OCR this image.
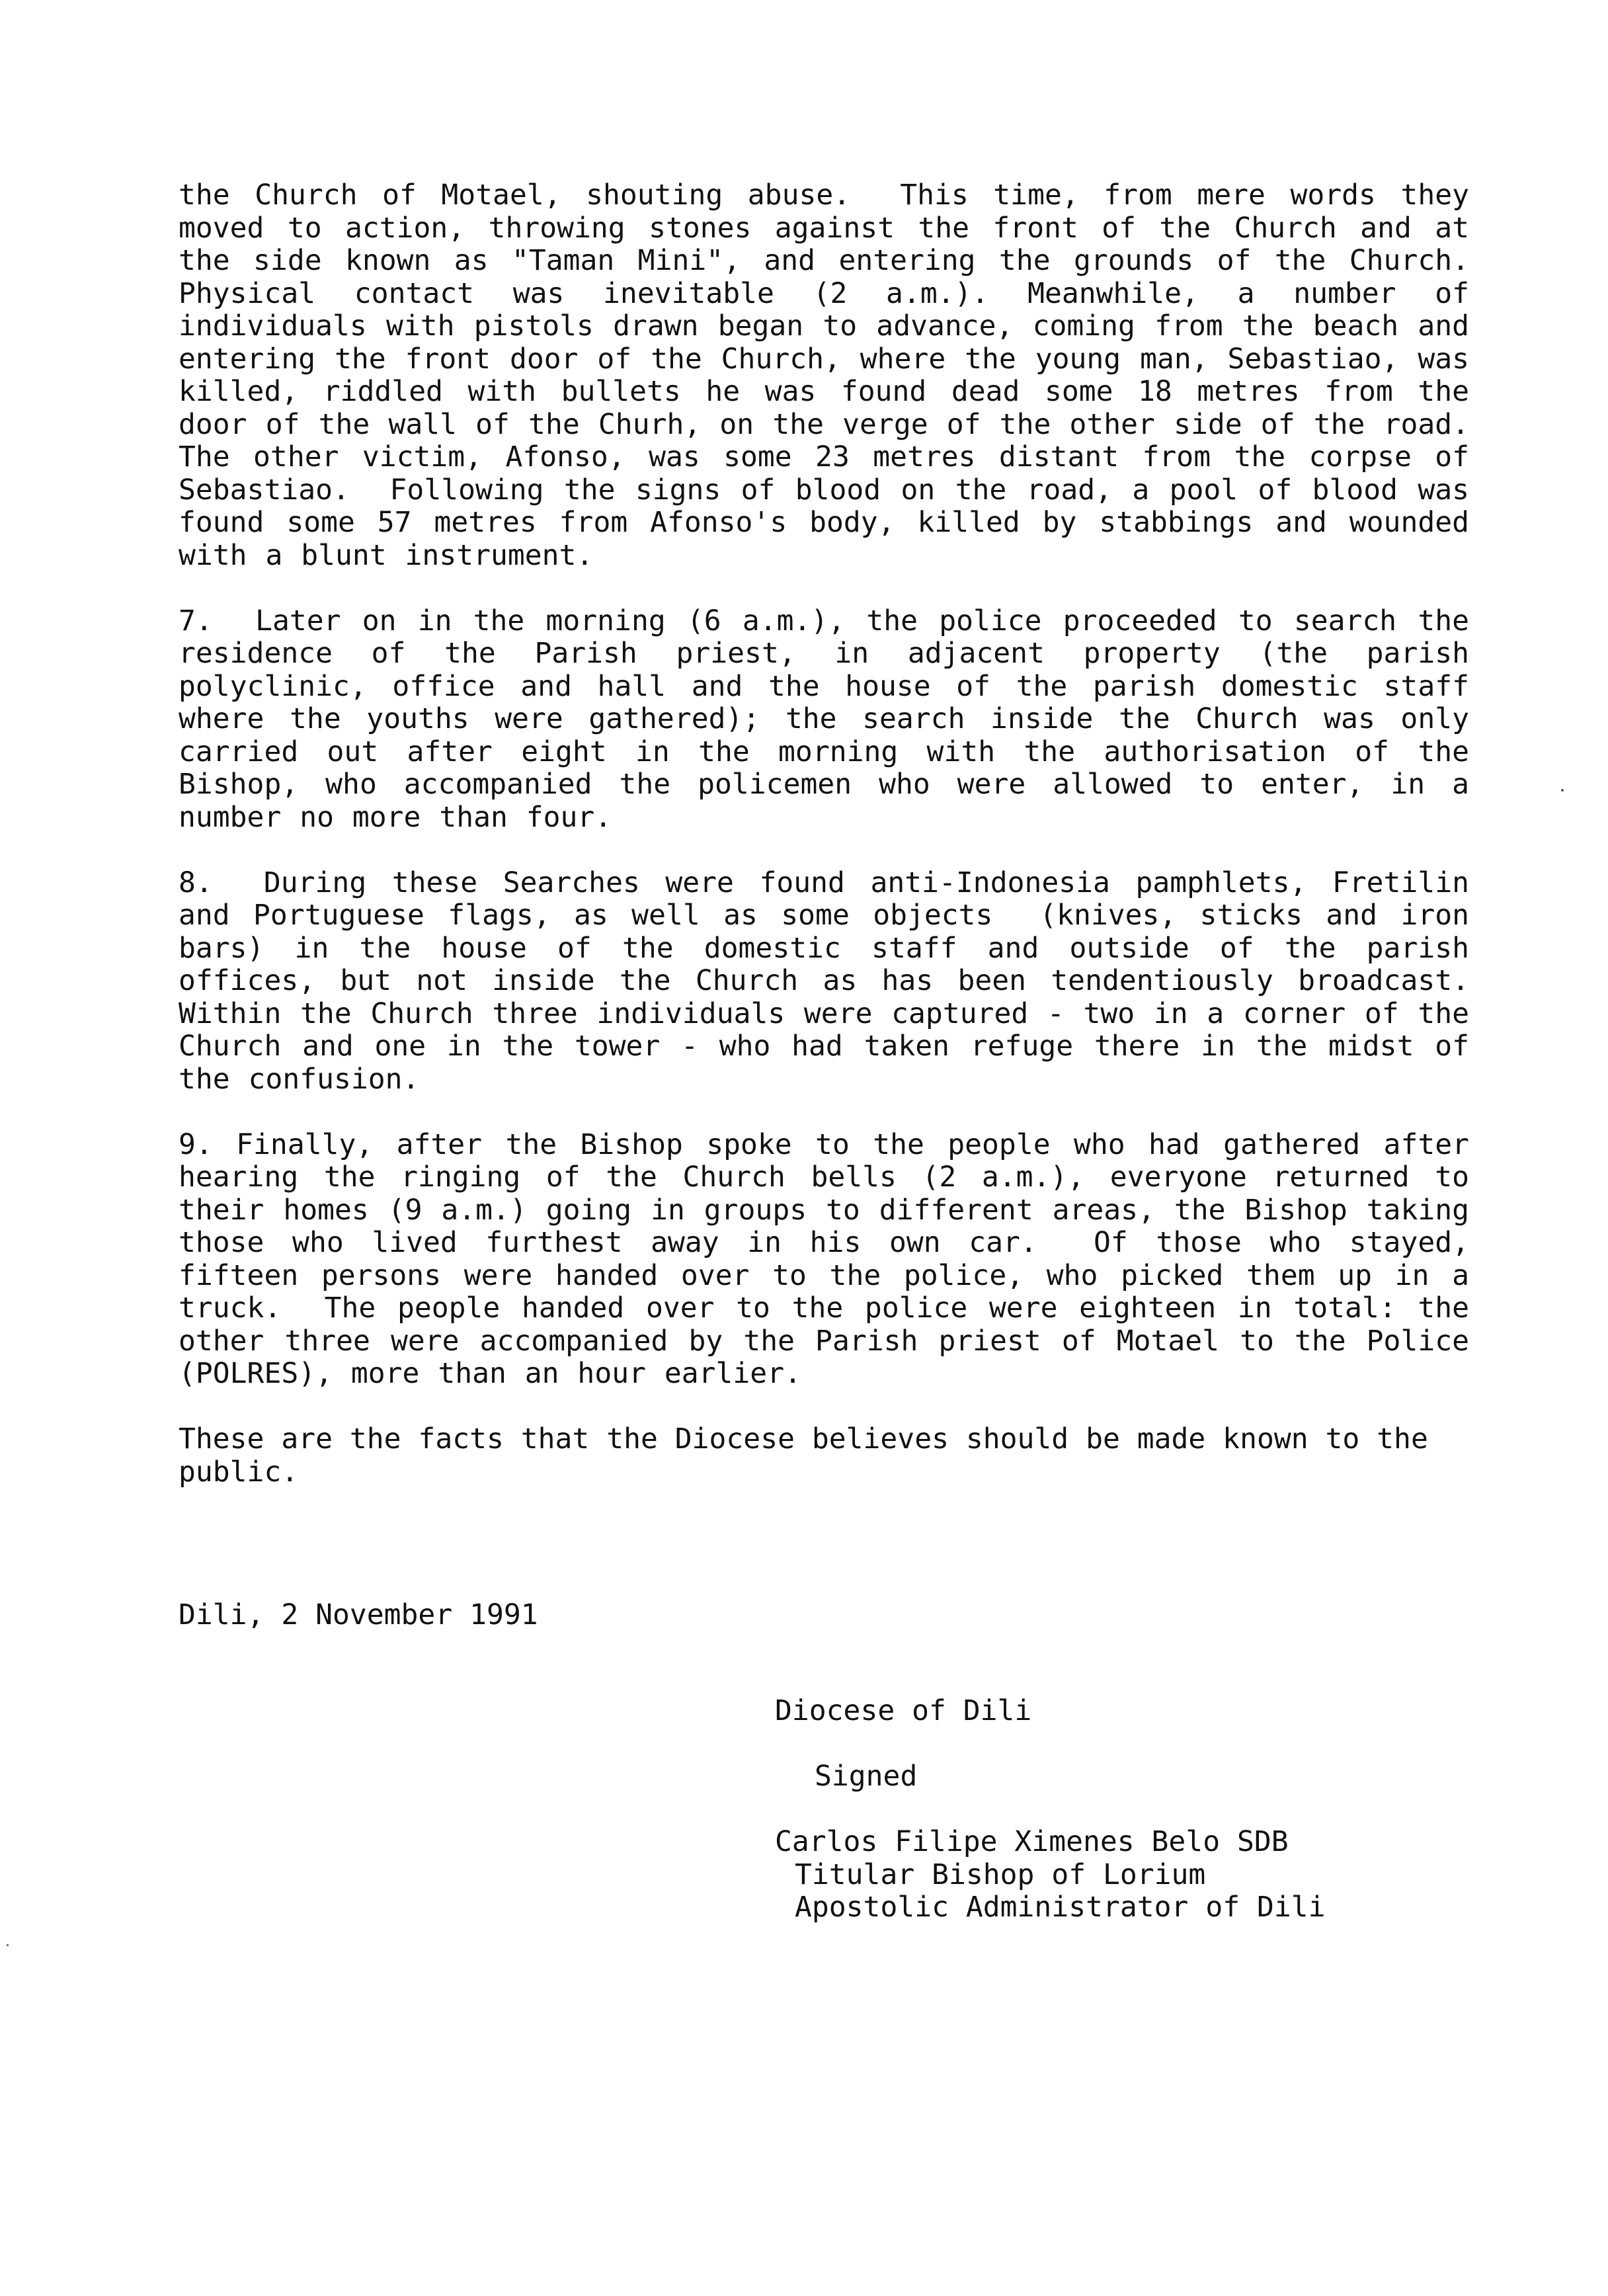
the Church of Motael, shouting abuse.  This time, from mere words they moved to action, throwing stones against the front of the Church and at the side known as "Taman Mini", and entering the grounds of the Church.  Physical contact was inevitable (2 a.m.). Meanwhile, a number of individuals with pistols drawn began to advance, coming from the beach and entering the front door of the Church, where the young man, Sebastiao, was killed, riddled with bullets he was found dead some 18 metres from the door of the wall of the Churh, on the verge of the other side of the road.  The other victim, Afonso, was some 23 metres distant from the corpse of Sebastiao.  Following the signs of blood on the road, a pool of blood was found some 57 metres from Afonso's body, killed by stabbings and wounded with a blunt instrument.

7.  Later on in the morning (6 a.m.), the police proceeded to search the residence of the Parish priest, in adjacent property (the parish polyclinic, office and hall and the house of the parish domestic staff where the youths were gathered); the search inside the Church was only carried out after eight in the morning with the authorisation of the Bishop, who accompanied the policemen who were allowed to enter, in a number no more than four.

8.  During these Searches were found anti-Indonesia pamphlets, Fretilin and Portuguese flags, as well as some objects  (knives, sticks and iron bars) in the house of the domestic staff and outside of the parish offices, but not inside the Church as has been tendentiously broadcast.  Within the Church three individuals were captured - two in a corner of the Church and one in the tower - who had taken refuge there in the midst of the confusion.

9. Finally, after the Bishop spoke to the people who had gathered after hearing the ringing of the Church bells (2 a.m.), everyone returned to their homes (9 a.m.) going in groups to different areas, the Bishop taking those who lived furthest away in his own car.  Of those who stayed, fifteen persons were handed over to the police, who picked them up in a truck.  The people handed over to the police were eighteen in total: the other three were accompanied by the Parish priest of Motael to the Police (POLRES), more than an hour earlier.

These are the facts that the Diocese believes should be made known to the public.

Dili, 2 November 1991
Diocese of Dili
Signed
Carlos Filipe Ximenes Belo SDB
Titular Bishop of Lorium
Apostolic Administrator of Dili
